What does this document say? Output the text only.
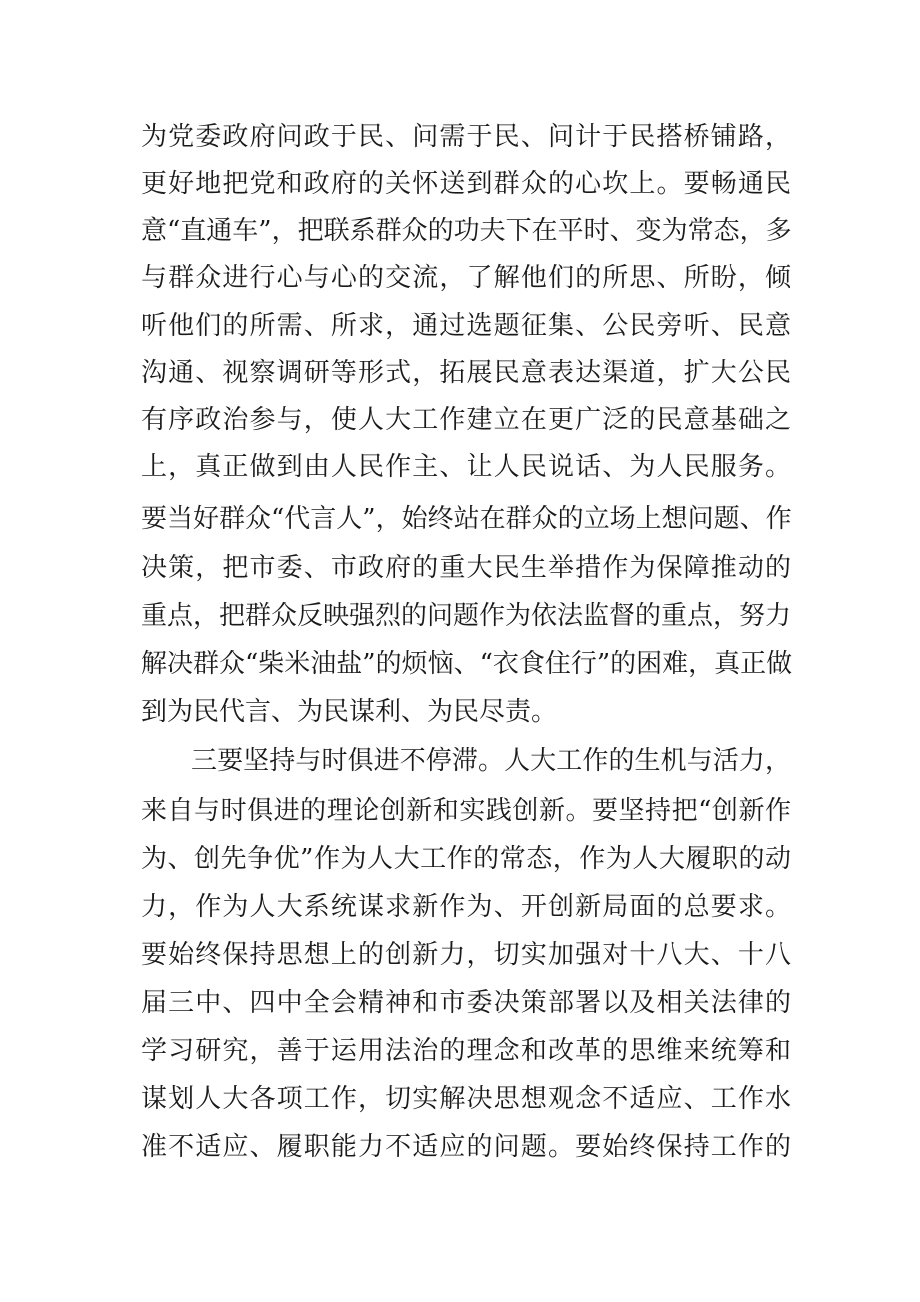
为党委政府问政于民、问需于民、问计于民搭桥铺路，
更好地把党和政府的关怀送到群众的心坎上。要畅通民
意“直通车”，把联系群众的功夫下在平时、变为常态，多
与群众进行心与心的交流，了解他们的所思、所盼，倾
听他们的所需、所求，通过选题征集、公民旁听、民意
沟通、视察调研等形式，拓展民意表达渠道，扩大公民
有序政治参与，使人大工作建立在更广泛的民意基础之
上，真正做到由人民作主、让人民说话、为人民服务。
要当好群众“代言人”，始终站在群众的立场上想问题、作
决策，把市委、市政府的重大民生举措作为保障推动的
重点，把群众反映强烈的问题作为依法监督的重点，努力
解决群众“柴米油盐”的烦恼、“衣食住行”的困难，真正做
到为民代言、为民谋利、为民尽责。
三要坚持与时俱进不停滞。人大工作的生机与活力，
来自与时俱进的理论创新和实践创新。要坚持把“创新作
为、创先争优”作为人大工作的常态，作为人大履职的动
力，作为人大系统谋求新作为、开创新局面的总要求。
要始终保持思想上的创新力，切实加强对十八大、十八
届三中、四中全会精神和市委决策部署以及相关法律的
学习研究，善于运用法治的理念和改革的思维来统筹和
谋划人大各项工作，切实解决思想观念不适应、工作水
准不适应、履职能力不适应的问题。要始终保持工作的
